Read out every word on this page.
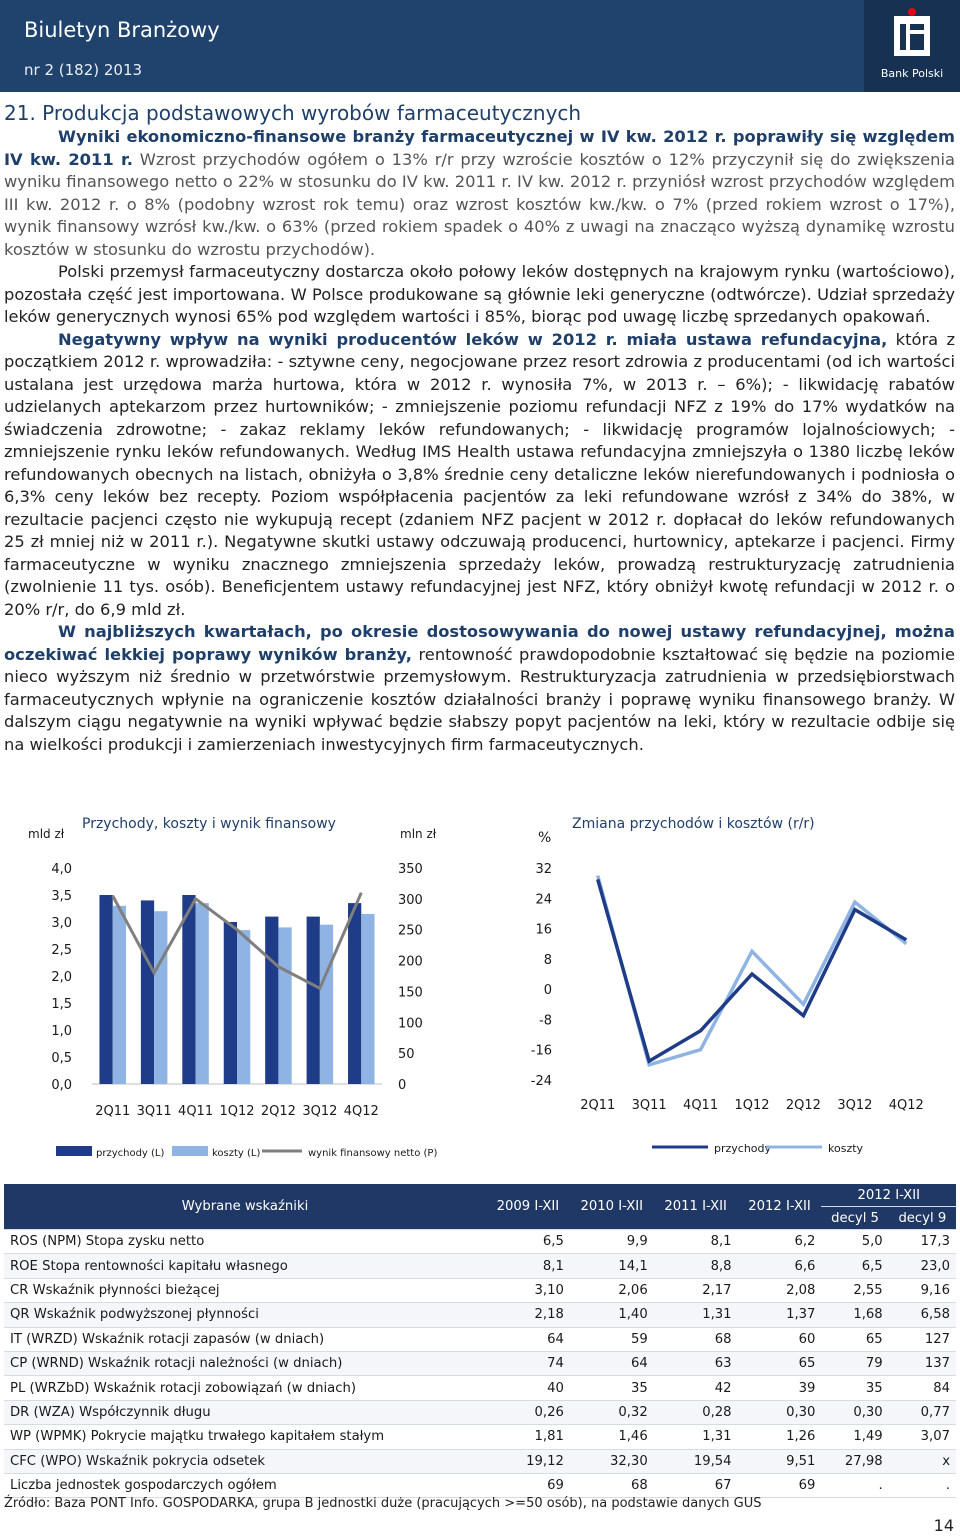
Biuletyn Branżowy
nr 2 (182) 2013	Bank Polski
21. Produkcja podstawowych wyrobów farmaceutycznych

Wyniki ekonomiczno-finansowe branży farmaceutycznej w IV kw. 2012 r. poprawiły się względem IV kw. 2011 r. Wzrost przychodów ogółem o 13% r/r przy wzroście kosztów o 12% przyczynił się do zwiększenia wyniku finansowego netto o 22% w stosunku do IV kw. 2011 r. IV kw. 2012 r. przyniósł wzrost przychodów względem III kw. 2012 r. o 8% (podobny wzrost rok temu) oraz wzrost kosztów kw./kw. o 7% (przed rokiem wzrost o 17%), wynik finansowy wzrósł kw./kw. o 63% (przed rokiem spadek o 40% z uwagi na znacząco wyższą dynamikę wzrostu kosztów w stosunku do wzrostu przychodów).

Polski przemysł farmaceutyczny dostarcza około połowy leków dostępnych na krajowym rynku (wartościowo), pozostała część jest importowana. W Polsce produkowane są głównie leki generyczne (odtwórcze). Udział sprzedaży leków generycznych wynosi 65% pod względem wartości i 85%, biorąc pod uwagę liczbę sprzedanych opakowań.

Negatywny wpływ na wyniki producentów leków w 2012 r. miała ustawa refundacyjna, która z początkiem 2012 r. wprowadziła: - sztywne ceny, negocjowane przez resort zdrowia z producentami (od ich wartości ustalana jest urzędowa marża hurtowa, która w 2012 r. wynosiła 7%, w 2013 r. – 6%); - likwidację rabatów udzielanych aptekarzom przez hurtowników; - zmniejszenie poziomu refundacji NFZ z 19% do 17% wydatków na świadczenia zdrowotne; - zakaz reklamy leków refundowanych; - likwidację programów lojalnościowych; - zmniejszenie rynku leków refundowanych. Według IMS Health ustawa refundacyjna zmniejszyła o 1380 liczbę leków refundowanych obecnych na listach, obniżyła o 3,8% średnie ceny detaliczne leków nierefundowanych i podniosła o 6,3% ceny leków bez recepty. Poziom współpłacenia pacjentów za leki refundowane wzrósł z 34% do 38%, w rezultacie pacjenci często nie wykupują recept (zdaniem NFZ pacjent w 2012 r. dopłacał do leków refundowanych 25 zł mniej niż w 2011 r.). Negatywne skutki ustawy odczuwają producenci, hurtownicy, aptekarze i pacjenci. Firmy farmaceutyczne w wyniku znacznego zmniejszenia sprzedaży leków, prowadzą restrukturyzację zatrudnienia (zwolnienie 11 tys. osób). Beneficjentem ustawy refundacyjnej jest NFZ, który obniżył kwotę refundacji w 2012 r. o 20% r/r, do 6,9 mld zł.

W najbliższych kwartałach, po okresie dostosowywania do nowej ustawy refundacyjnej, można oczekiwać lekkiej poprawy wyników branży, rentowność prawdopodobnie kształtować się będzie na poziomie nieco wyższym niż średnio w przetwórstwie przemysłowym. Restrukturyzacja zatrudnienia w przedsiębiorstwach farmaceutycznych wpłynie na ograniczenie kosztów działalności branży i poprawę wyniku finansowego branży. W dalszym ciągu negatywnie na wyniki wpływać będzie słabszy popyt pacjentów na leki, który w rezultacie odbije się na wielkości produkcji i zamierzeniach inwestycyjnych firm farmaceutycznych.

Przychody, koszty i wynik finansowy
mld zł	mln zł
4,0
3,5
3,0
2,5
2,0
1,5
1,0
0,5
0,0
350
300
250
200
150
100
50
0
2Q11 3Q11 4Q11 1Q12 2Q12 3Q12 4Q12
przychody (L)	koszty (L)	wynik finansowy netto (P)
Zmiana przychodów i kosztów (r/r)
%
32
24
16
8
0
-8
-16
-24
2Q11 3Q11 4Q11 1Q12 2Q12 3Q12 4Q12
przychody	koszty
Wybrane wskaźniki	2009 I-XII	2010 I-XII	2011 I-XII	2012 I-XII	2012 I-XII	
					decyl 5	decyl 9
ROS (NPM) Stopa zysku netto	6,5	9,9	8,1	6,2	5,0	17,3
ROE Stopa rentowności kapitału własnego	8,1	14,1	8,8	6,6	6,5	23,0
CR Wskaźnik płynności bieżącej	3,10	2,06	2,17	2,08	2,55	9,16
QR Wskaźnik podwyższonej płynności	2,18	1,40	1,31	1,37	1,68	6,58
IT (WRZD) Wskaźnik rotacji zapasów (w dniach)	64	59	68	60	65	127
CP (WRND) Wskaźnik rotacji należności (w dniach)	74	64	63	65	79	137
PL (WRZbD) Wskaźnik rotacji zobowiązań (w dniach)	40	35	42	39	35	84
DR (WZA) Współczynnik długu	0,26	0,32	0,28	0,30	0,30	0,77
WP (WPMK) Pokrycie majątku trwałego kapitałem stałym	1,81	1,46	1,31	1,26	1,49	3,07
CFC (WPO) Wskaźnik pokrycia odsetek	19,12	32,30	19,54	9,51	27,98	x
Liczba jednostek gospodarczych ogółem	69	68	67	69	.	.
Źródło: Baza PONT Info. GOSPODARKA, grupa B jednostki duże (pracujących >=50 osób), na podstawie danych GUS
14
